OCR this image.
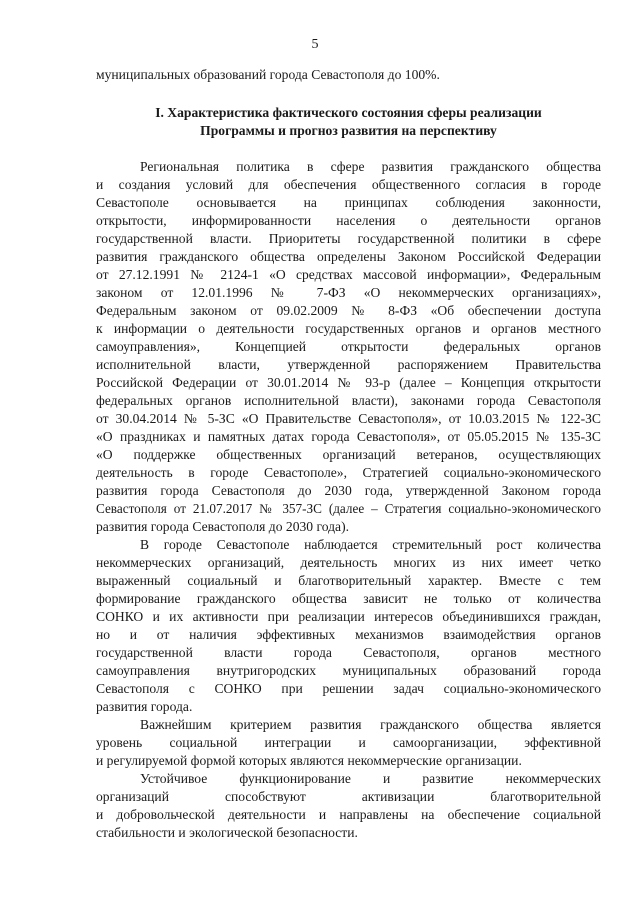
5
муниципальных образований города Севастополя до 100%.
I. Характеристика фактического состояния сферы реализации
Программы и прогноз развития на перспективу
Региональная политика в сфере развития гражданского общества
и создания условий для обеспечения общественного согласия в городе
Севастополе основывается на принципах соблюдения законности,
открытости, информированности населения о деятельности органов
государственной власти. Приоритеты государственной политики в сфере
развития гражданского общества определены Законом Российской Федерации
от 27.12.1991 № 2124-1 «О средствах массовой информации», Федеральным
законом от 12.01.1996 № 7-ФЗ «О некоммерческих организациях»,
Федеральным законом от 09.02.2009 № 8-ФЗ «Об обеспечении доступа
к информации о деятельности государственных органов и органов местного
самоуправления», Концепцией открытости федеральных органов
исполнительной власти, утвержденной распоряжением Правительства
Российской Федерации от 30.01.2014 № 93-р (далее – Концепция открытости
федеральных органов исполнительной власти), законами города Севастополя
от 30.04.2014 № 5-ЗС «О Правительстве Севастополя», от 10.03.2015 № 122-ЗС
«О праздниках и памятных датах города Севастополя», от 05.05.2015 № 135-ЗС
«О поддержке общественных организаций ветеранов, осуществляющих
деятельность в городе Севастополе», Стратегией социально-экономического
развития города Севастополя до 2030 года, утвержденной Законом города
Севастополя от 21.07.2017 № 357-ЗС (далее – Стратегия социально-экономического
развития города Севастополя до 2030 года).
В городе Севастополе наблюдается стремительный рост количества
некоммерческих организаций, деятельность многих из них имеет четко
выраженный социальный и благотворительный характер. Вместе с тем
формирование гражданского общества зависит не только от количества
СОНКО и их активности при реализации интересов объединившихся граждан,
но и от наличия эффективных механизмов взаимодействия органов
государственной власти города Севастополя, органов местного
самоуправления внутригородских муниципальных образований города
Севастополя с СОНКО при решении задач социально-экономического
развития города.
Важнейшим критерием развития гражданского общества является
уровень социальной интеграции и самоорганизации, эффективной
и регулируемой формой которых являются некоммерческие организации.
Устойчивое функционирование и развитие некоммерческих
организаций способствуют активизации благотворительной
и добровольческой деятельности и направлены на обеспечение социальной
стабильности и экологической безопасности.
